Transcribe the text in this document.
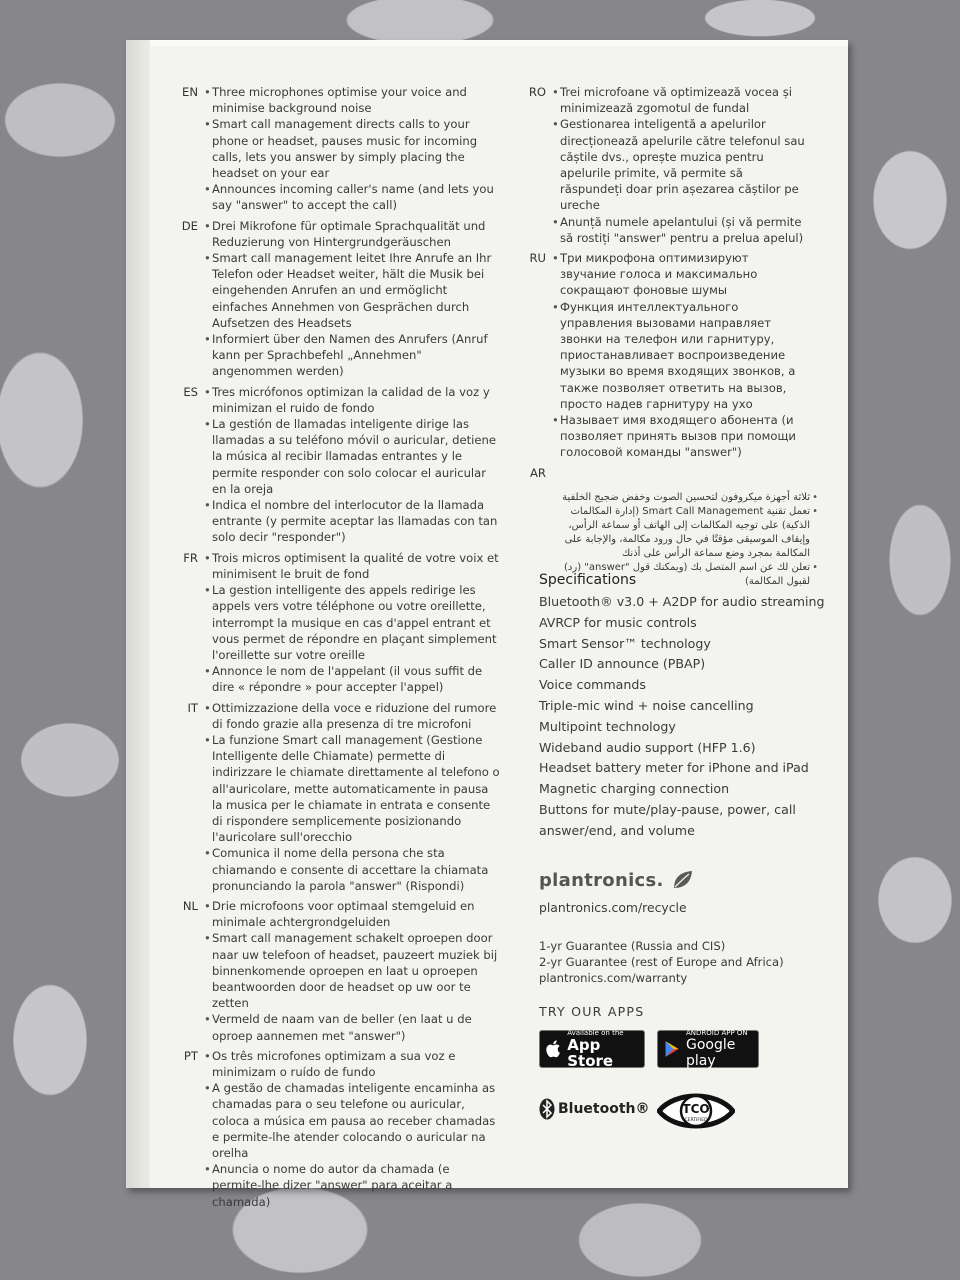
EN • Three microphones optimise your voice and minimise background noise
• Smart call management directs calls to your phone or headset, pauses music for incoming calls, lets you answer by simply placing the headset on your ear
• Announces incoming caller's name (and lets you say "answer" to accept the call)
DE • Drei Mikrofone für optimale Sprachqualität und Reduzierung von Hintergrundgeräuschen
• Smart call management leitet Ihre Anrufe an Ihr Telefon oder Headset weiter, hält die Musik bei eingehenden Anrufen an und ermöglicht einfaches Annehmen von Gesprächen durch Aufsetzen des Headsets
• Informiert über den Namen des Anrufers (Anruf kann per Sprachbefehl „Annehmen" angenommen werden)
ES • Tres micrófonos optimizan la calidad de la voz y minimizan el ruido de fondo
• La gestión de llamadas inteligente dirige las llamadas a su teléfono móvil o auricular, detiene la música al recibir llamadas entrantes y le permite responder con solo colocar el auricular en la oreja
• Indica el nombre del interlocutor de la llamada entrante (y permite aceptar las llamadas con tan solo decir "responder")
FR • Trois micros optimisent la qualité de votre voix et minimisent le bruit de fond
• La gestion intelligente des appels redirige les appels vers votre téléphone ou votre oreillette, interrompt la musique en cas d'appel entrant et vous permet de répondre en plaçant simplement l'oreillette sur votre oreille
• Annonce le nom de l'appelant (il vous suffit de dire « répondre » pour accepter l'appel)
IT • Ottimizzazione della voce e riduzione del rumore di fondo grazie alla presenza di tre microfoni
• La funzione Smart call management (Gestione Intelligente delle Chiamate) permette di indirizzare le chiamate direttamente al telefono o all'auricolare, mette automaticamente in pausa la musica per le chiamate in entrata e consente di rispondere semplicemente posizionando l'auricolare sull'orecchio
• Comunica il nome della persona che sta chiamando e consente di accettare la chiamata pronunciando la parola "answer" (Rispondi)
NL • Drie microfoons voor optimaal stemgeluid en minimale achtergrondgeluiden
• Smart call management schakelt oproepen door naar uw telefoon of headset, pauzeert muziek bij binnenkomende oproepen en laat u oproepen beantwoorden door de headset op uw oor te zetten
• Vermeld de naam van de beller (en laat u de oproep aannemen met "answer")
PT • Os três microfones optimizam a sua voz e minimizam o ruído de fundo
• A gestão de chamadas inteligente encaminha as chamadas para o seu telefone ou auricular, coloca a música em pausa ao receber chamadas e permite-lhe atender colocando o auricular na orelha
• Anuncia o nome do autor da chamada (e permite-lhe dizer "answer" para aceitar a chamada)
RO • Trei microfoane vă optimizează vocea și minimizează zgomotul de fundal
• Gestionarea inteligentă a apelurilor direcționează apelurile către telefonul sau căștile dvs., oprește muzica pentru apelurile primite, vă permite să răspundeți doar prin așezarea căștilor pe ureche
• Anunță numele apelantului (și vă permite să rostiți "answer" pentru a prelua apelul)
RU • Три микрофона оптимизируют звучание голоса и максимально сокращают фоновые шумы
• Функция интеллектуального управления вызовами направляет звонки на телефон или гарнитуру, приостанавливает воспроизведение музыки во время входящих звонков, а также позволяет ответить на вызов, просто надев гарнитуру на ухо
• Называет имя входящего абонента (и позволяет принять вызов при помощи голосовой команды "answer")
AR
•
ثلاثة أجهزة ميكروفون لتحسين الصوت وخفض ضجيج الخلفية
•
تعمل تقنية Smart Call Management (إدارة المكالمات الذكية) على توجيه المكالمات إلى الهاتف أو سماعة الرأس، وإيقاف الموسيقى مؤقتًا في حال ورود مكالمة، والإجابة على المكالمة بمجرد وضع سماعة الرأس على أذنك
•
تعلن لك عن اسم المتصل بك (ويمكنك قول "answer" (رد) لقبول المكالمة)
Specifications
Bluetooth® v3.0 + A2DP for audio streaming
AVRCP for music controls
Smart Sensor™ technology
Caller ID announce (PBAP)
Voice commands
Triple-mic wind + noise cancelling
Multipoint technology
Wideband audio support (HFP 1.6)
Headset battery meter for iPhone and iPad
Magnetic charging connection
Buttons for mute/play-pause, power, call answer/end, and volume
plantronics.
plantronics.com/recycle
1-yr Guarantee (Russia and CIS)
2-yr Guarantee (rest of Europe and Africa)
plantronics.com/warranty
TRY OUR APPS
Available on the
App Store
ANDROID APP ON
Google play
Bluetooth®	TCO
CERTIFIED
